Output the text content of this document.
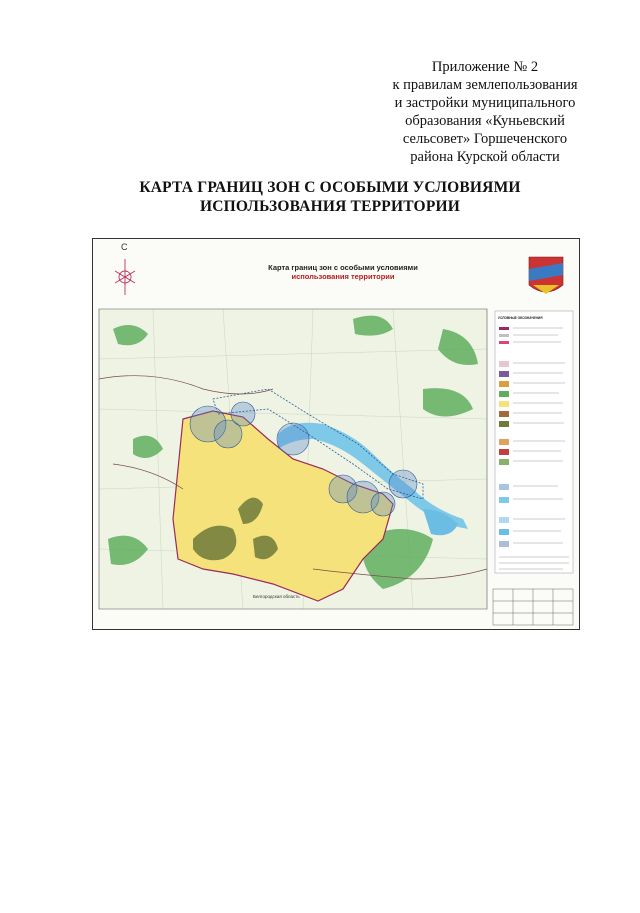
Приложение № 2
к правилам землепользования
и застройки муниципального
образования «Куньевский
сельсовет» Горшеченского
района Курской области
КАРТА ГРАНИЦ ЗОН С ОСОБЫМИ УСЛОВИЯМИ
ИСПОЛЬЗОВАНИЯ ТЕРРИТОРИИ
С
Карта границ зон с особыми условиями
использования территории
УСЛОВНЫЕ ОБОЗНАЧЕНИЯ
Белгородская область
